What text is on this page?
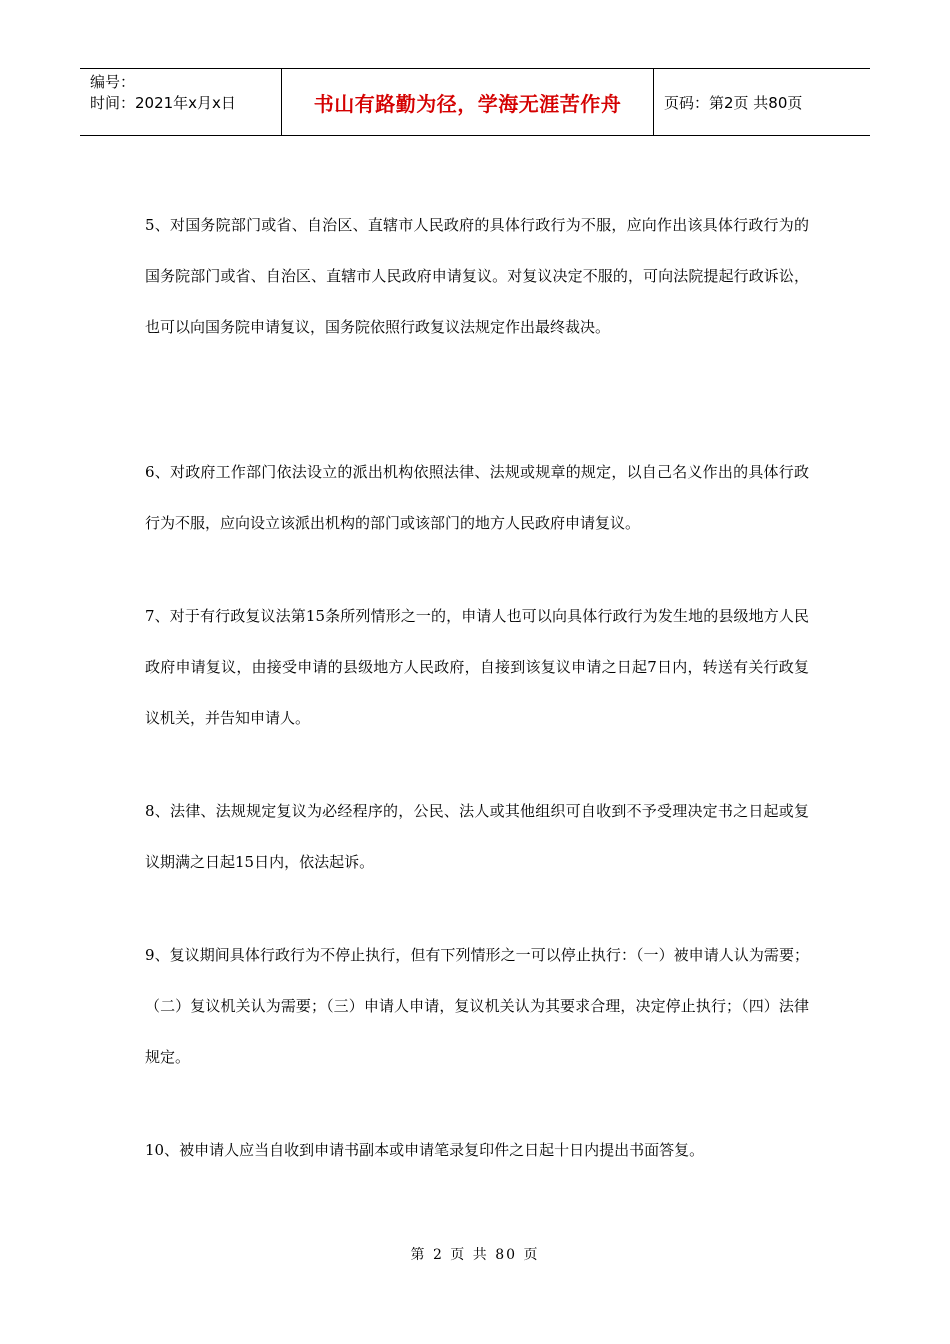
编号：
时间：2021年x月x日	书山有路勤为径，学海无涯苦作舟	页码：第2页 共80页

5、对国务院部门或省、自治区、直辖市人民政府的具体行政行为不服，应向作出该具体行政行为的国务院部门或省、自治区、直辖市人民政府申请复议。对复议决定不服的，可向法院提起行政诉讼，也可以向国务院申请复议，国务院依照行政复议法规定作出最终裁决。

6、对政府工作部门依法设立的派出机构依照法律、法规或规章的规定，以自己名义作出的具体行政行为不服，应向设立该派出机构的部门或该部门的地方人民政府申请复议。

7、对于有行政复议法第15条所列情形之一的，申请人也可以向具体行政行为发生地的县级地方人民政府申请复议，由接受申请的县级地方人民政府，自接到该复议申请之日起7日内，转送有关行政复议机关，并告知申请人。

8、法律、法规规定复议为必经程序的，公民、法人或其他组织可自收到不予受理决定书之日起或复议期满之日起15日内，依法起诉。

9、复议期间具体行政行为不停止执行，但有下列情形之一可以停止执行：（一）被申请人认为需要；（二）复议机关认为需要；（三）申请人申请，复议机关认为其要求合理，决定停止执行；（四）法律规定。

10、被申请人应当自收到申请书副本或申请笔录复印件之日起十日内提出书面答复。

第 2 页 共 80 页
